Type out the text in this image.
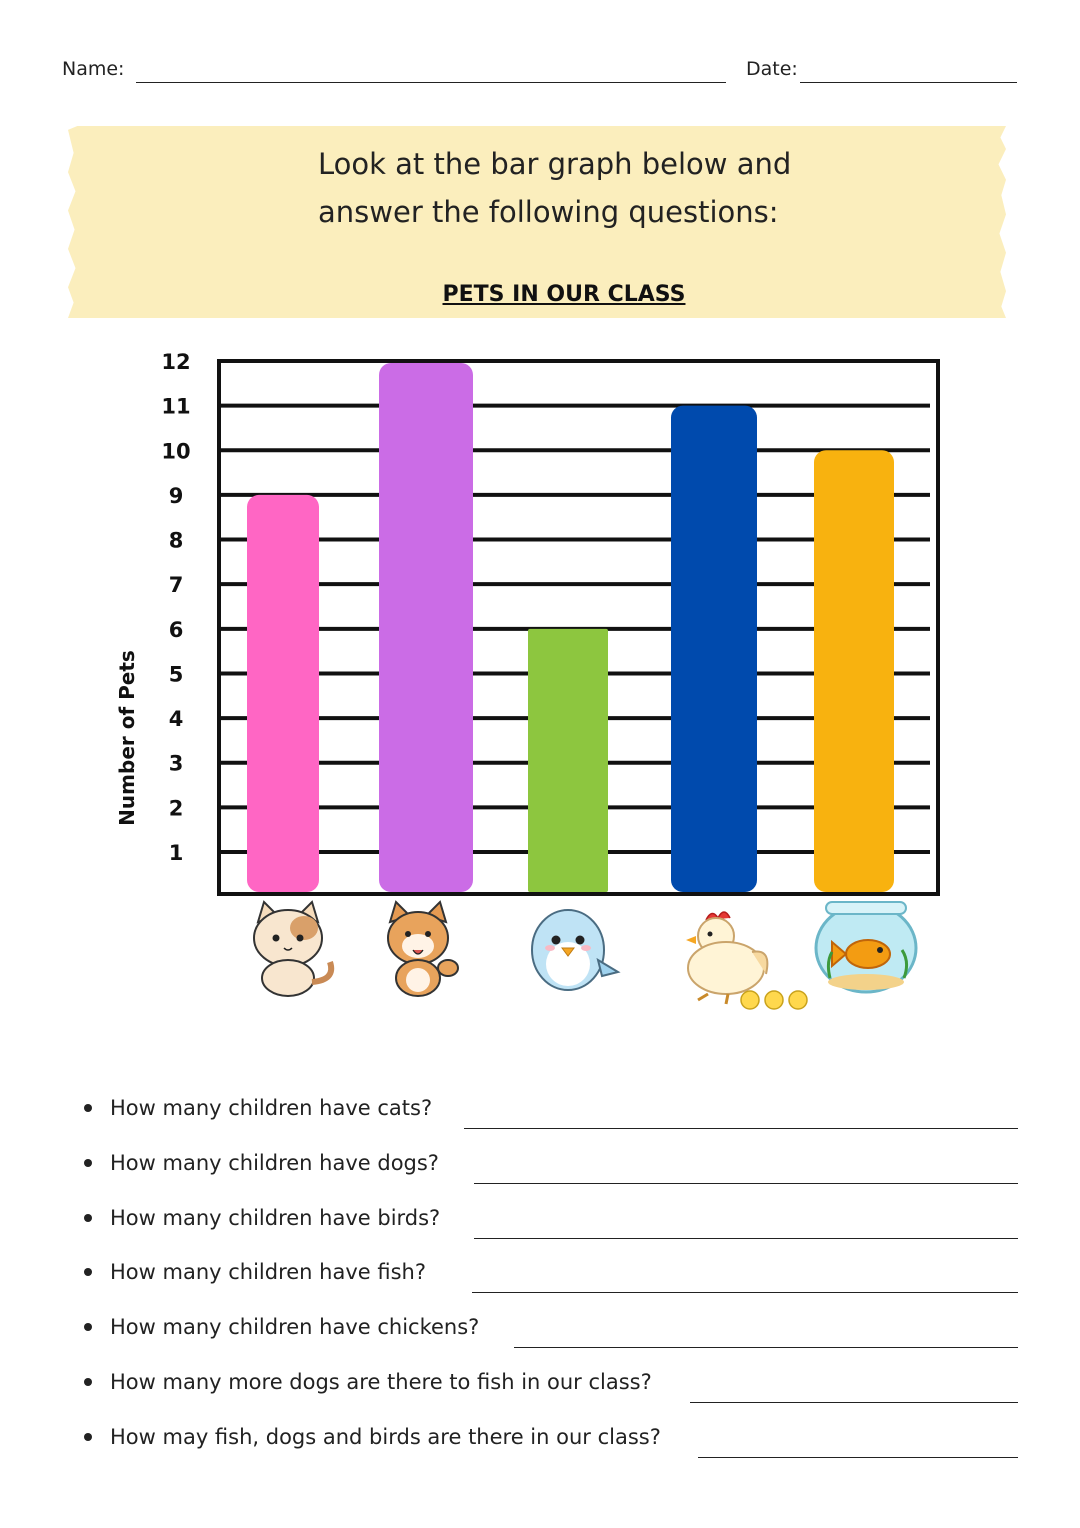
Name:	Date:
Look at the bar graph below and
answer the following questions:
PETS IN OUR CLASS
1
2
3
4
5
6
7
8
9
10
11
12
Number of Pets
How many children have cats?
How many children have dogs?
How many children have birds?
How many children have fish?
How many children have chickens?
How many more dogs are there to fish in our class?
How may fish, dogs and birds are there in our class?
